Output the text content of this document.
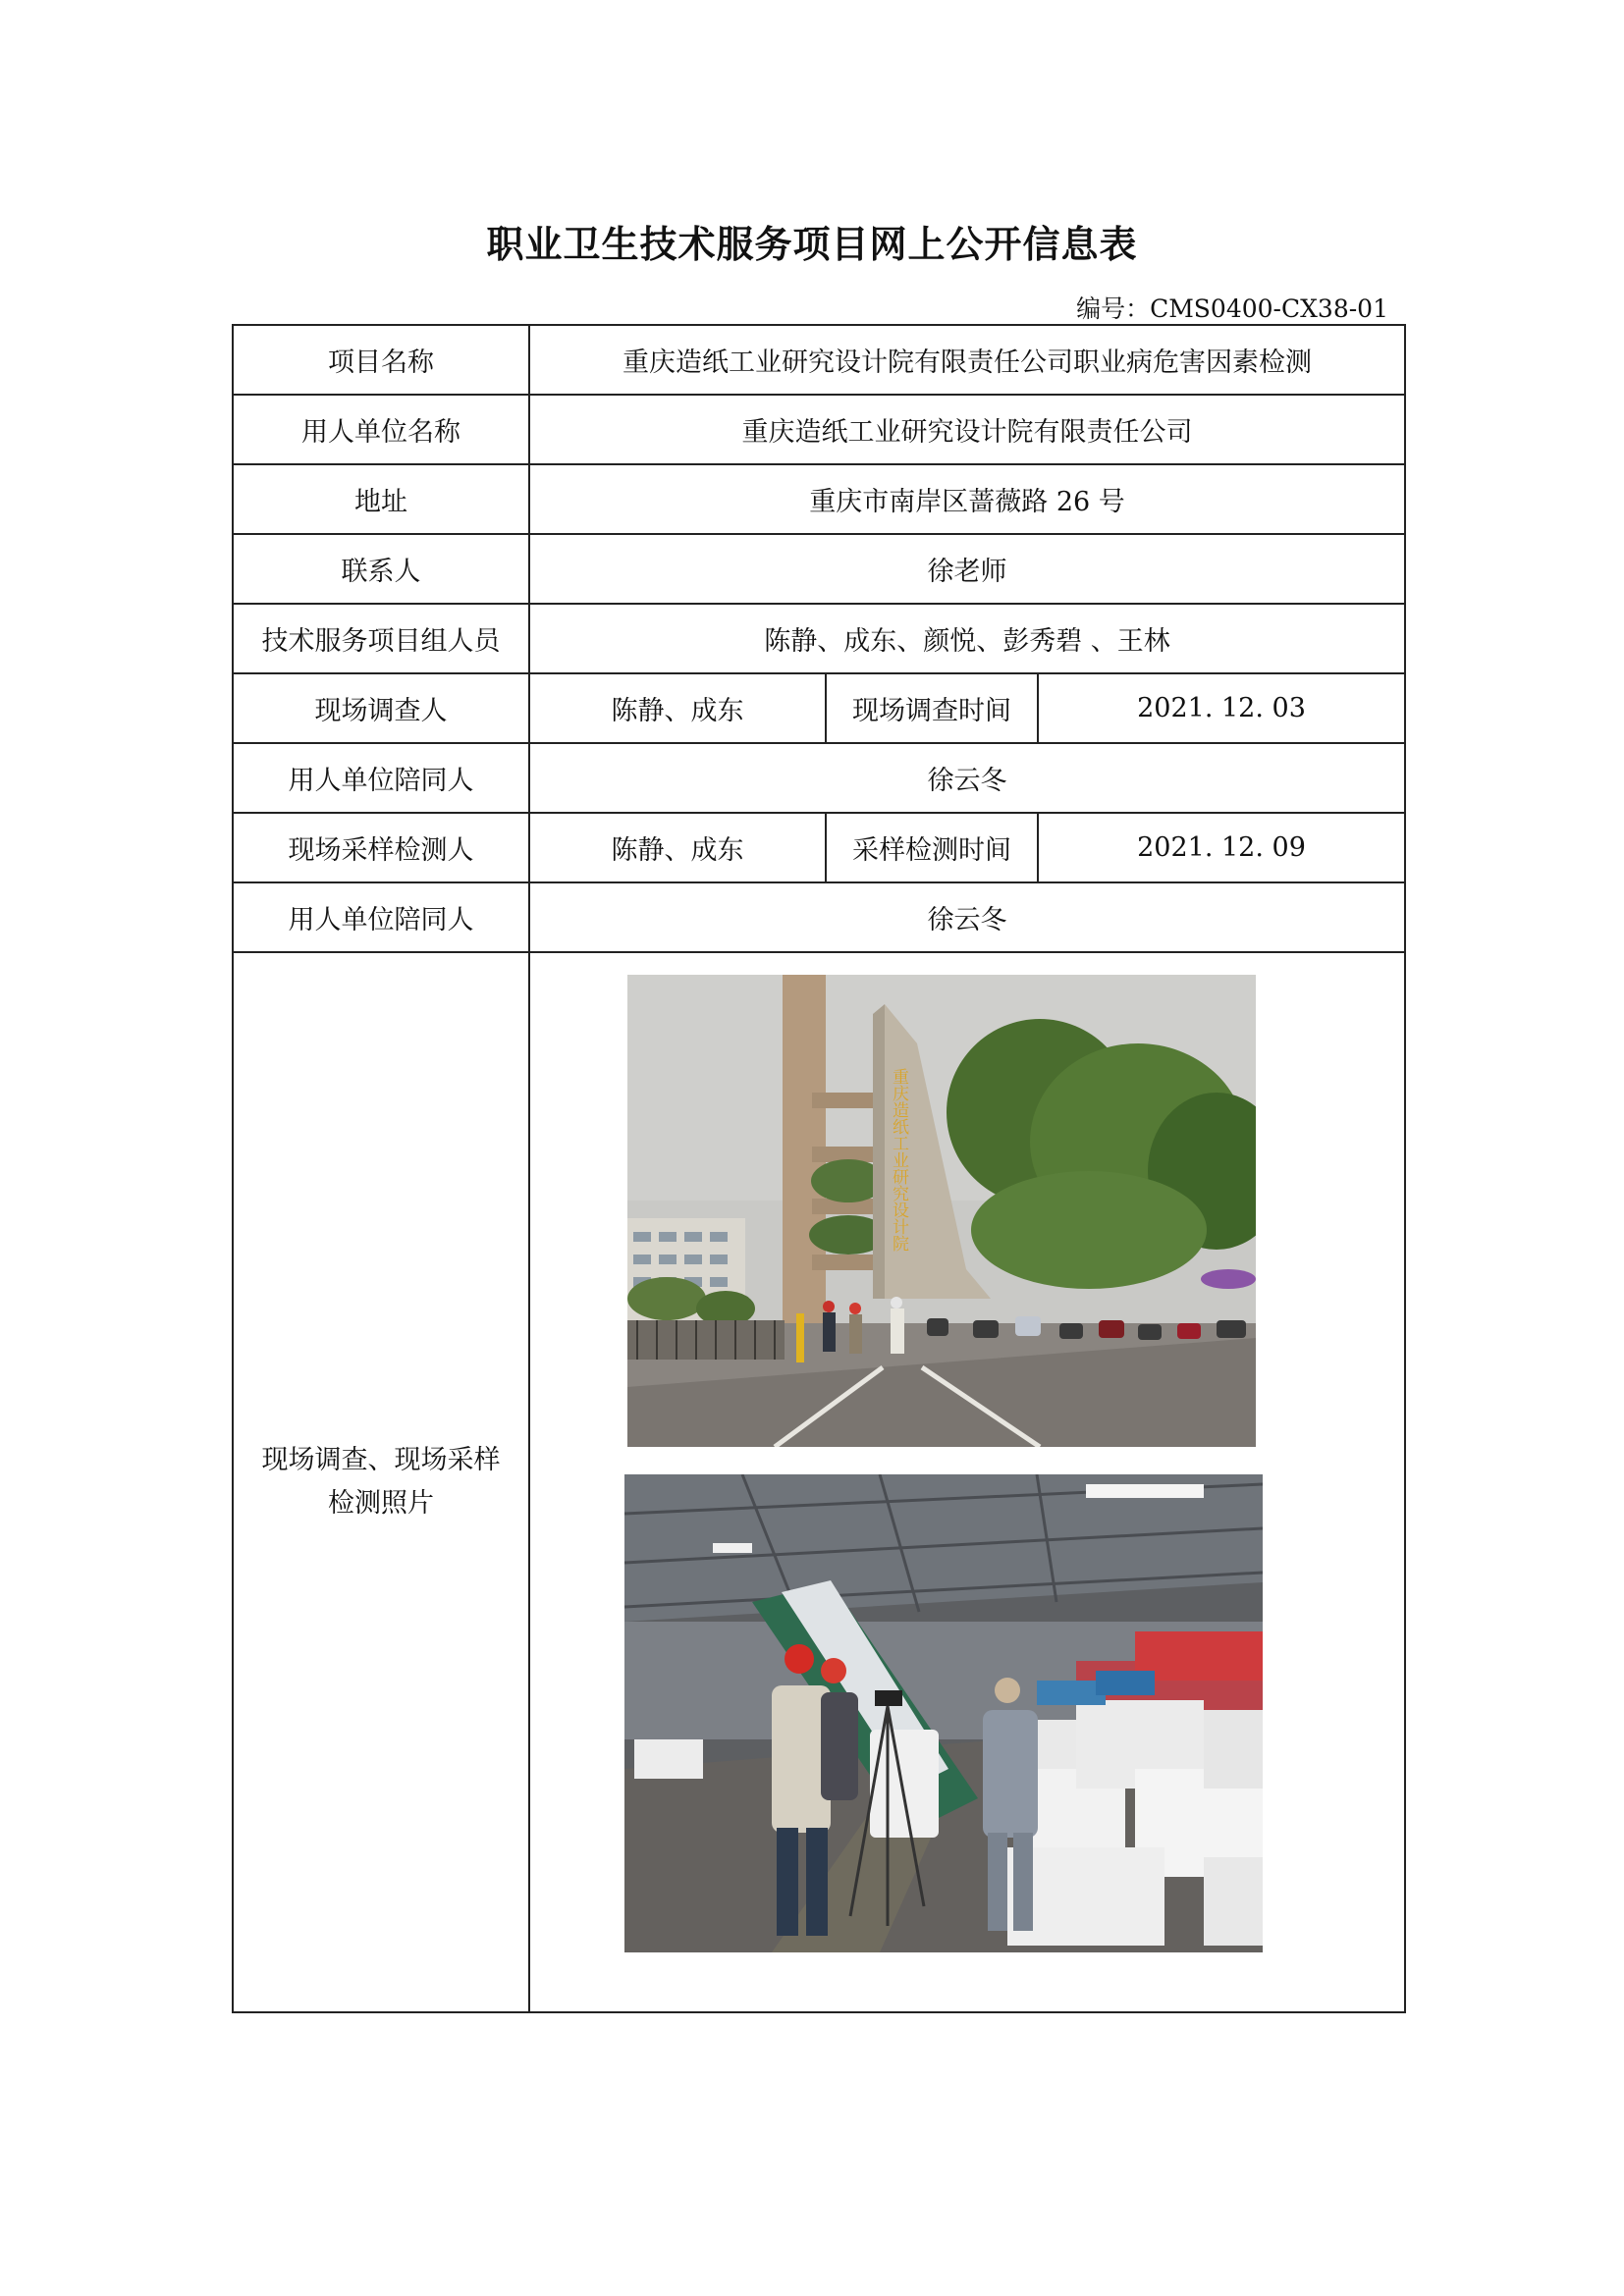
职业卫生技术服务项目网上公开信息表
编号：CMS0400-CX38-01
项目名称	重庆造纸工业研究设计院有限责任公司职业病危害因素检测		
用人单位名称	重庆造纸工业研究设计院有限责任公司		
地址	重庆市南岸区蔷薇路 26 号		
联系人	徐老师		
技术服务项目组人员	陈静、成东、颜悦、彭秀碧 、王林		
现场调查人	陈静、成东	现场调查时间	2021. 12. 03
用人单位陪同人	徐云冬		
现场采样检测人	陈静、成东	采样检测时间	2021. 12. 09
用人单位陪同人	徐云冬		
现场调查、现场采样
检测照片	重庆造纸工业研究设计院		
